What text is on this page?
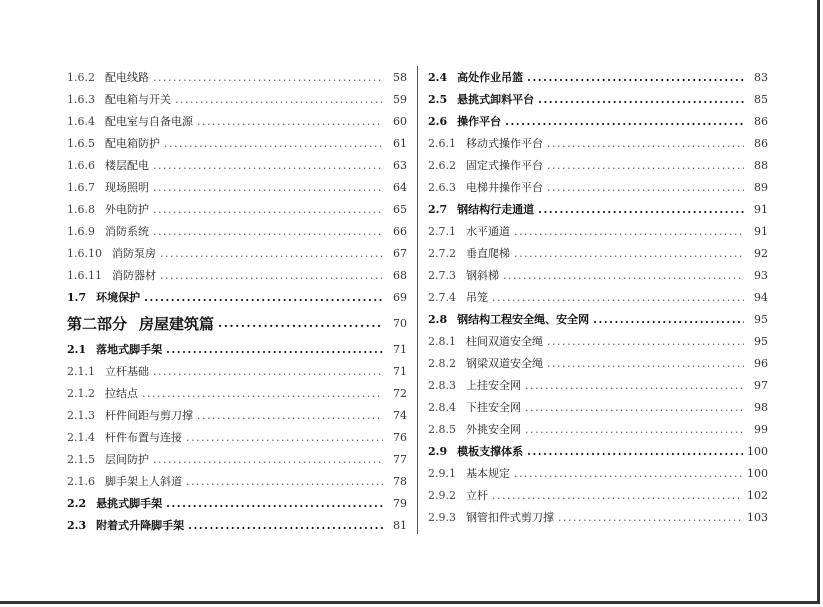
1.6.2 配电线路 .....	58
1.6.3 配电箱与开关 .....	59
1.6.4 配电室与自备电源 .....	60
1.6.5 配电箱防护 .....	61
1.6.6 楼层配电 .....	63
1.6.7 现场照明 .....	64
1.6.8 外电防护 .....	65
1.6.9 消防系统 .....	66
1.6.10 消防泵房 .....	67
1.6.11 消防器材 .....	68
1.7 环境保护 .....	69
第二部分 房屋建筑篇 .....	70
2.1 落地式脚手架 .....	71
2.1.1 立杆基础 .....	71
2.1.2 拉结点 .....	72
2.1.3 杆件间距与剪刀撑 .....	74
2.1.4 杆件布置与连接 .....	76
2.1.5 层间防护 .....	77
2.1.6 脚手架上人斜道 .....	78
2.2 悬挑式脚手架 .....	79
2.3 附着式升降脚手架 .....	81
2.4 高处作业吊篮 .....	83
2.5 悬挑式卸料平台 .....	85
2.6 操作平台 .....	86
2.6.1 移动式操作平台 .....	86
2.6.2 固定式操作平台 .....	88
2.6.3 电梯井操作平台 .....	89
2.7 钢结构行走通道 .....	91
2.7.1 水平通道 .....	91
2.7.2 垂直爬梯 .....	92
2.7.3 钢斜梯 .....	93
2.7.4 吊笼 .....	94
2.8 钢结构工程安全绳、安全网 .....	95
2.8.1 柱间双道安全绳 .....	95
2.8.2 钢梁双道安全绳 .....	96
2.8.3 上挂安全网 .....	97
2.8.4 下挂安全网 .....	98
2.8.5 外挑安全网 .....	99
2.9 模板支撑体系 .....	100
2.9.1 基本规定 .....	100
2.9.2 立杆 .....	102
2.9.3 钢管扣件式剪刀撑 .....	103
